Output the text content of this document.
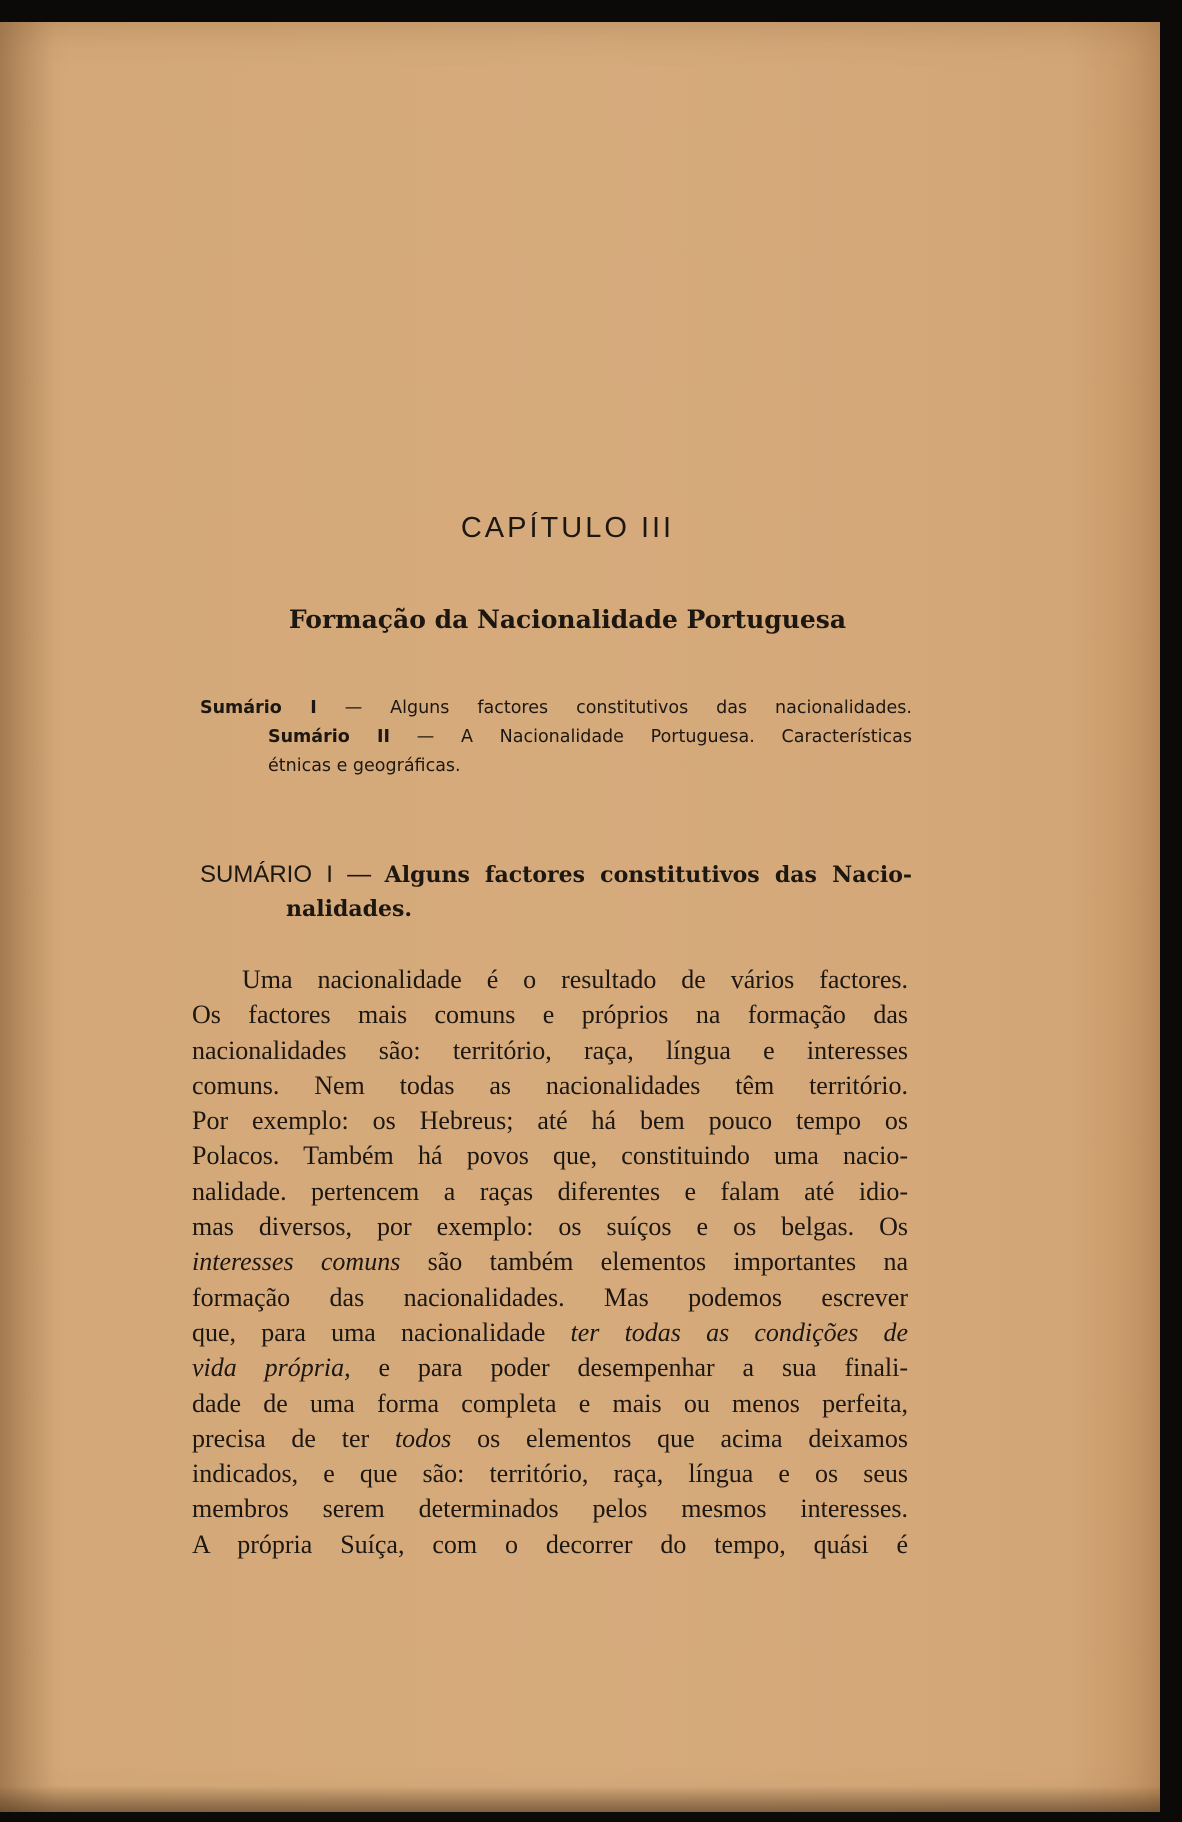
CAPÍTULO III
Formação da Nacionalidade Portuguesa
Sumário I — Alguns factores constitutivos das nacionalidades.
Sumário II — A Nacionalidade Portuguesa. Características
étnicas e geográficas.
SUMÁRIO I — Alguns factores constitutivos das Nacio-
nalidades.
Uma nacionalidade é o resultado de vários factores.
Os factores mais comuns e próprios na formação das
nacionalidades são: território, raça, língua e interesses
comuns. Nem todas as nacionalidades têm território.
Por exemplo: os Hebreus; até há bem pouco tempo os
Polacos. Também há povos que, constituindo uma nacio-
nalidade. pertencem a raças diferentes e falam até idio-
mas diversos, por exemplo: os suíços e os belgas. Os
interesses comuns são também elementos importantes na
formação das nacionalidades. Mas podemos escrever
que, para uma nacionalidade ter todas as condições de
vida própria, e para poder desempenhar a sua finali-
dade de uma forma completa e mais ou menos perfeita,
precisa de ter todos os elementos que acima deixamos
indicados, e que são: território, raça, língua e os seus
membros serem determinados pelos mesmos interesses.
A própria Suíça, com o decorrer do tempo, quási é
